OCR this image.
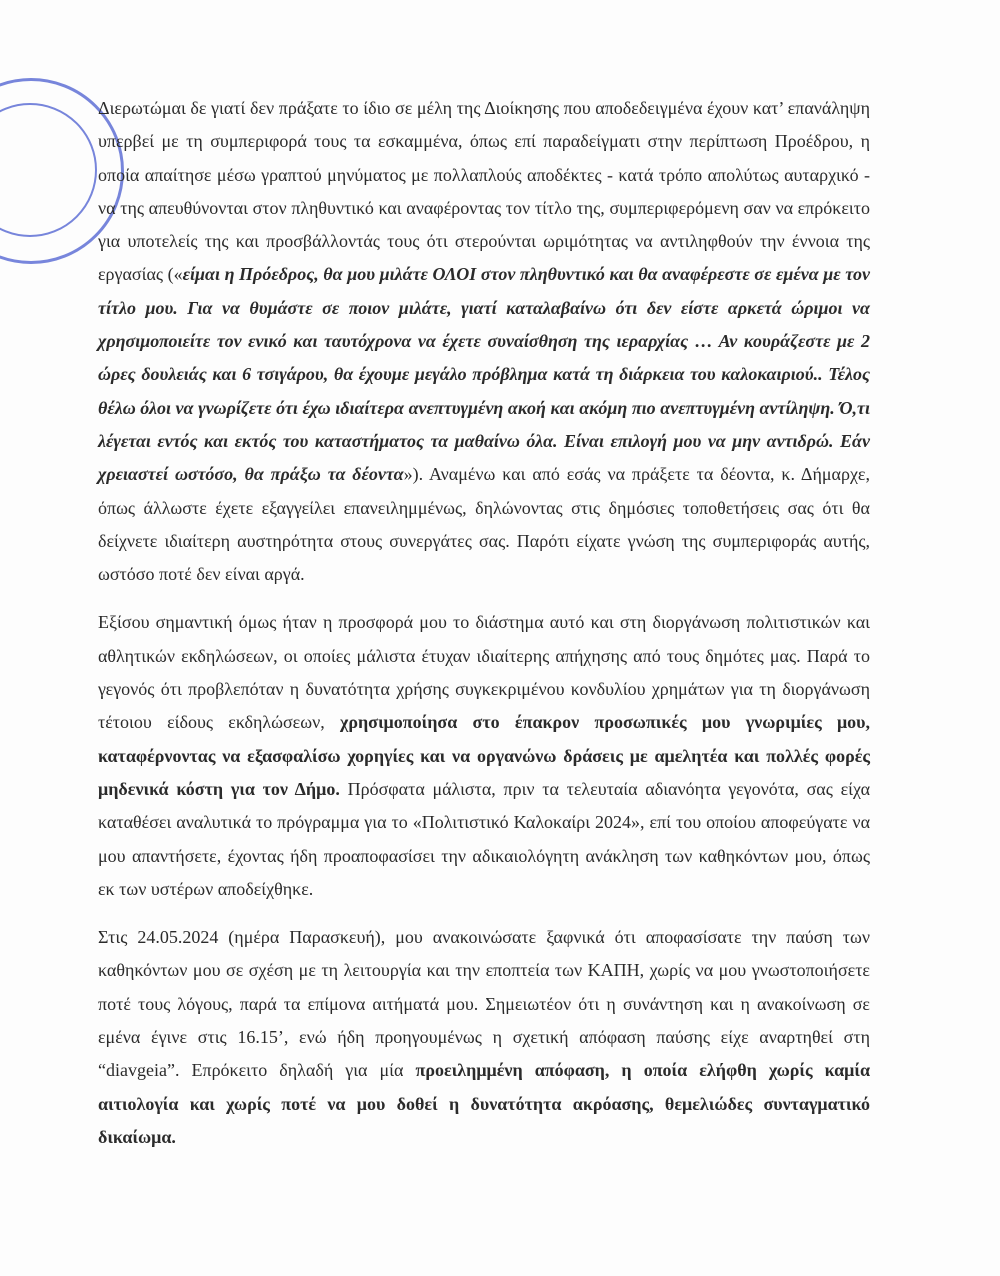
Διερωτώμαι δε γιατί δεν πράξατε το ίδιο σε μέλη της Διοίκησης που αποδεδειγμένα έχουν κατ’ επανάληψη υπερβεί με τη συμπεριφορά τους τα εσκαμμένα, όπως επί παραδείγματι στην περίπτωση Προέδρου, η οποία απαίτησε μέσω γραπτού μηνύματος με πολλαπλούς αποδέκτες - κατά τρόπο απολύτως αυταρχικό - να της απευθύνονται στον πληθυντικό και αναφέροντας τον τίτλο της, συμπεριφερόμενη σαν να επρόκειτο για υποτελείς της και προσβάλλοντάς τους ότι στερούνται ωριμότητας να αντιληφθούν την έννοια της εργασίας («είμαι η Πρόεδρος, θα μου μιλάτε ΟΛΟΙ στον πληθυντικό και θα αναφέρεστε σε εμένα με τον τίτλο μου. Για να θυμάστε σε ποιον μιλάτε, γιατί καταλαβαίνω ότι δεν είστε αρκετά ώριμοι να χρησιμοποιείτε τον ενικό και ταυτόχρονα να έχετε συναίσθηση της ιεραρχίας … Αν κουράζεστε με 2 ώρες δουλειάς και 6 τσιγάρου, θα έχουμε μεγάλο πρόβλημα κατά τη διάρκεια του καλοκαιριού.. Τέλος θέλω όλοι να γνωρίζετε ότι έχω ιδιαίτερα ανεπτυγμένη ακοή και ακόμη πιο ανεπτυγμένη αντίληψη. Ό,τι λέγεται εντός και εκτός του καταστήματος τα μαθαίνω όλα. Είναι επιλογή μου να μην αντιδρώ. Εάν χρειαστεί ωστόσο, θα πράξω τα δέοντα»). Αναμένω και από εσάς να πράξετε τα δέοντα, κ. Δήμαρχε, όπως άλλωστε έχετε εξαγγείλει επανειλημμένως, δηλώνοντας στις δημόσιες τοποθετήσεις σας ότι θα δείχνετε ιδιαίτερη αυστηρότητα στους συνεργάτες σας. Παρότι είχατε γνώση της συμπεριφοράς αυτής, ωστόσο ποτέ δεν είναι αργά.

Εξίσου σημαντική όμως ήταν η προσφορά μου το διάστημα αυτό και στη διοργάνωση πολιτιστικών και αθλητικών εκδηλώσεων, οι οποίες μάλιστα έτυχαν ιδιαίτερης απήχησης από τους δημότες μας. Παρά το γεγονός ότι προβλεπόταν η δυνατότητα χρήσης συγκεκριμένου κονδυλίου χρημάτων για τη διοργάνωση τέτοιου είδους εκδηλώσεων, χρησιμοποίησα στο έπακρον προσωπικές μου γνωριμίες μου, καταφέρνοντας να εξασφαλίσω χορηγίες και να οργανώνω δράσεις με αμελητέα και πολλές φορές μηδενικά κόστη για τον Δήμο. Πρόσφατα μάλιστα, πριν τα τελευταία αδιανόητα γεγονότα, σας είχα καταθέσει αναλυτικά το πρόγραμμα για το «Πολιτιστικό Καλοκαίρι 2024», επί του οποίου αποφεύγατε να μου απαντήσετε, έχοντας ήδη προαποφασίσει την αδικαιολόγητη ανάκληση των καθηκόντων μου, όπως εκ των υστέρων αποδείχθηκε.

Στις 24.05.2024 (ημέρα Παρασκευή), μου ανακοινώσατε ξαφνικά ότι αποφασίσατε την παύση των καθηκόντων μου σε σχέση με τη λειτουργία και την εποπτεία των ΚΑΠΗ, χωρίς να μου γνωστοποιήσετε ποτέ τους λόγους, παρά τα επίμονα αιτήματά μου. Σημειωτέον ότι η συνάντηση και η ανακοίνωση σε εμένα έγινε στις 16.15’, ενώ ήδη προηγουμένως η σχετική απόφαση παύσης είχε αναρτηθεί στη “diavgeia”. Επρόκειτο δηλαδή για μία προειλημμένη απόφαση, η οποία ελήφθη χωρίς καμία αιτιολογία και χωρίς ποτέ να μου δοθεί η δυνατότητα ακρόασης, θεμελιώδες συνταγματικό δικαίωμα.
